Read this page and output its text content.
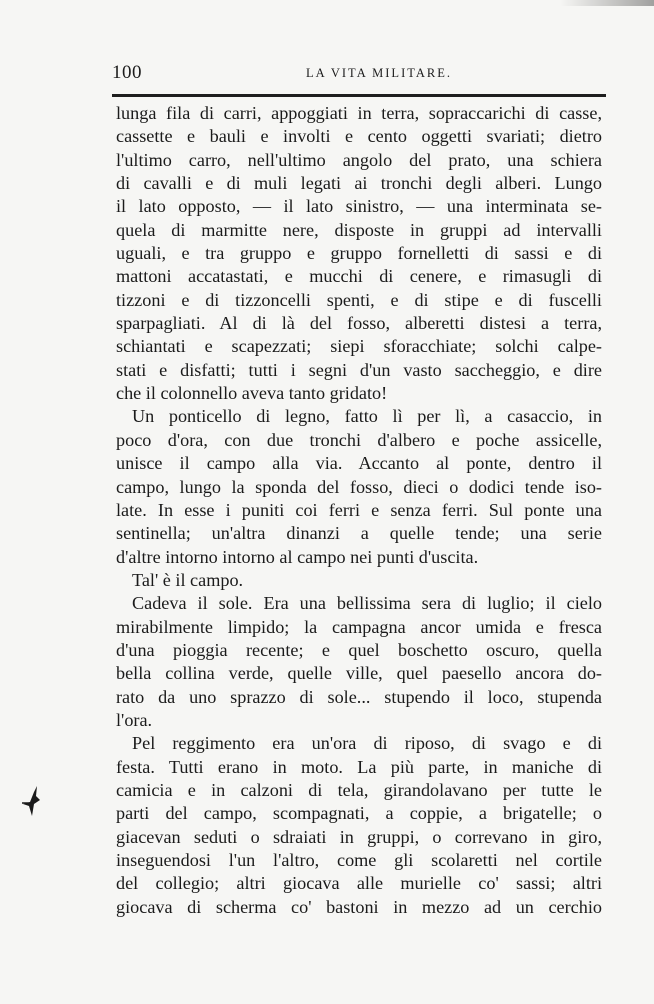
100	LA VITA MILITARE.
lunga fila di carri, appoggiati in terra, sopraccarichi di casse,
cassette e bauli e involti e cento oggetti svariati; dietro
l'ultimo carro, nell'ultimo angolo del prato, una schiera
di cavalli e di muli legati ai tronchi degli alberi. Lungo
il lato opposto, — il lato sinistro, — una interminata se-
quela di marmitte nere, disposte in gruppi ad intervalli
uguali, e tra gruppo e gruppo fornelletti di sassi e di
mattoni accatastati, e mucchi di cenere, e rimasugli di
tizzoni e di tizzoncelli spenti, e di stipe e di fuscelli
sparpagliati. Al di là del fosso, alberetti distesi a terra,
schiantati e scapezzati; siepi sforacchiate; solchi calpe-
stati e disfatti; tutti i segni d'un vasto saccheggio, e dire
che il colonnello aveva tanto gridato!
Un ponticello di legno, fatto lì per lì, a casaccio, in
poco d'ora, con due tronchi d'albero e poche assicelle,
unisce il campo alla via. Accanto al ponte, dentro il
campo, lungo la sponda del fosso, dieci o dodici tende iso-
late. In esse i puniti coi ferri e senza ferri. Sul ponte una
sentinella; un'altra dinanzi a quelle tende; una serie
d'altre intorno intorno al campo nei punti d'uscita.
Tal' è il campo.
Cadeva il sole. Era una bellissima sera di luglio; il cielo
mirabilmente limpido; la campagna ancor umida e fresca
d'una pioggia recente; e quel boschetto oscuro, quella
bella collina verde, quelle ville, quel paesello ancora do-
rato da uno sprazzo di sole... stupendo il loco, stupenda
l'ora.
Pel reggimento era un'ora di riposo, di svago e di
festa. Tutti erano in moto. La più parte, in maniche di
camicia e in calzoni di tela, girandolavano per tutte le
parti del campo, scompagnati, a coppie, a brigatelle; o
giacevan seduti o sdraiati in gruppi, o correvano in giro,
inseguendosi l'un l'altro, come gli scolaretti nel cortile
del collegio; altri giocava alle murielle co' sassi; altri
giocava di scherma co' bastoni in mezzo ad un cerchio
